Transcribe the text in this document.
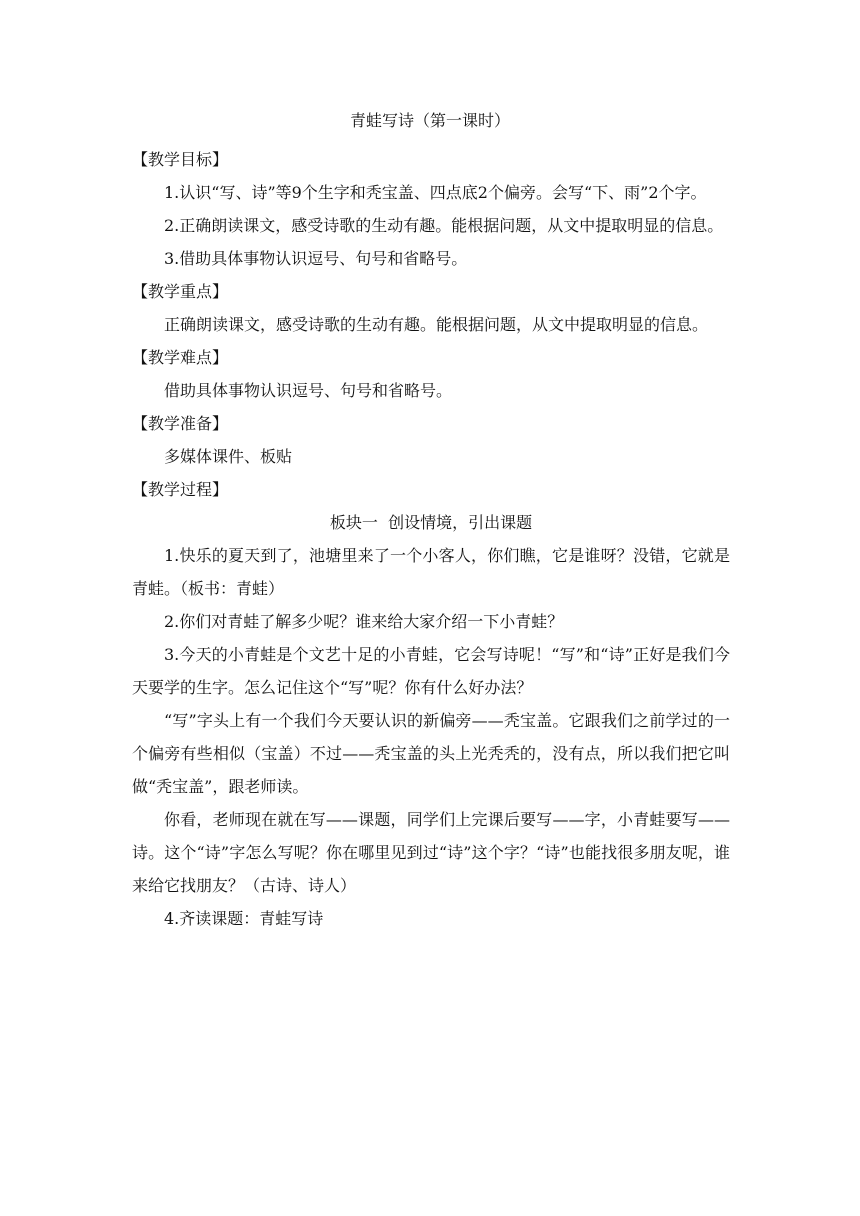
青蛙写诗（第一课时）

【教学目标】

1.认识“写、诗”等9个生字和秃宝盖、四点底2个偏旁。会写“下、雨”2个字。

2.正确朗读课文，感受诗歌的生动有趣。能根据问题，从文中提取明显的信息。

3.借助具体事物认识逗号、句号和省略号。

【教学重点】

正确朗读课文，感受诗歌的生动有趣。能根据问题，从文中提取明显的信息。

【教学难点】

借助具体事物认识逗号、句号和省略号。

【教学准备】

多媒体课件、板贴

【教学过程】

板块一  创设情境，引出课题

1.快乐的夏天到了，池塘里来了一个小客人，你们瞧，它是谁呀？没错，它就是青蛙。（板书：青蛙）

2.你们对青蛙了解多少呢？谁来给大家介绍一下小青蛙？

3.今天的小青蛙是个文艺十足的小青蛙，它会写诗呢！“写”和“诗”正好是我们今天要学的生字。怎么记住这个“写”呢？你有什么好办法？

“写”字头上有一个我们今天要认识的新偏旁——秃宝盖。它跟我们之前学过的一个偏旁有些相似（宝盖）不过——秃宝盖的头上光秃秃的，没有点，所以我们把它叫做“秃宝盖”，跟老师读。

你看，老师现在就在写——课题，同学们上完课后要写——字，小青蛙要写——诗。这个“诗”字怎么写呢？你在哪里见到过“诗”这个字？“诗”也能找很多朋友呢，谁来给它找朋友？（古诗、诗人）

4.齐读课题：青蛙写诗
